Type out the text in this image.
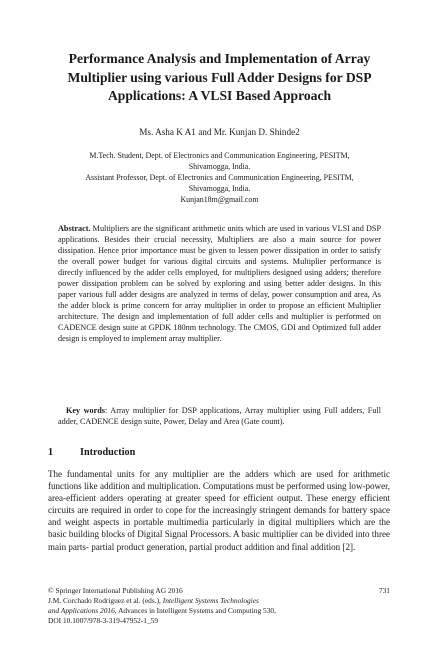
Performance Analysis and Implementation of Array
Multiplier using various Full Adder Designs for DSP
Applications: A VLSI Based Approach
Ms. Asha K A1 and Mr. Kunjan D. Shinde2
M.Tech. Student, Dept. of Electronics and Communication Engineering, PESITM,
Shivamogga, India.
Assistant Professor, Dept. of Electronics and Communication Engineering, PESITM,
Shivamogga, India.
Kunjan18m@gmail.com

Abstract. Multipliers are the significant arithmetic units which are used in various VLSI and DSP applications. Besides their crucial necessity, Multipliers are also a main source for power dissipation. Hence prior importance must be given to lessen power dissipation in order to satisfy the overall power budget for various digital circuits and systems. Multiplier performance is directly influenced by the adder cells employed, for multipliers designed using adders; therefore power dissipation problem can be solved by exploring and using better adder designs. In this paper various full adder designs are analyzed in terms of delay, power consumption and area, As the adder block is prime concern for array multiplier in order to propose an efficient Multiplier architecture. The design and implementation of full adder cells and multiplier is performed on CADENCE design suite at GPDK 180nm technology. The CMOS, GDI and Optimized full adder design is employed to implement array multiplier.

Key words: Array multiplier for DSP applications, Array multiplier using Full adders, Full adder, CADENCE design suite, Power, Delay and Area (Gate count).

1	Introduction

The fundamental units for any multiplier are the adders which are used for arithmetic functions like addition and multiplication. Computations must be performed using low-power, area-efficient adders operating at greater speed for efficient output. These energy efficient circuits are required in order to cope for the increasingly stringent demands for battery space and weight aspects in portable multimedia particularly in digital multipliers which are the basic building blocks of Digital Signal Processors. A basic multiplier can be divided into three main parts- partial product generation, partial product addition and final addition [2].

© Springer International Publishing AG 2016	731
J.M. Corchado Rodriguez et al. (eds.), Intelligent Systems Technologies
and Applications 2016, Advances in Intelligent Systems and Computing 530,
DOI 10.1007/978-3-319-47952-1_59
